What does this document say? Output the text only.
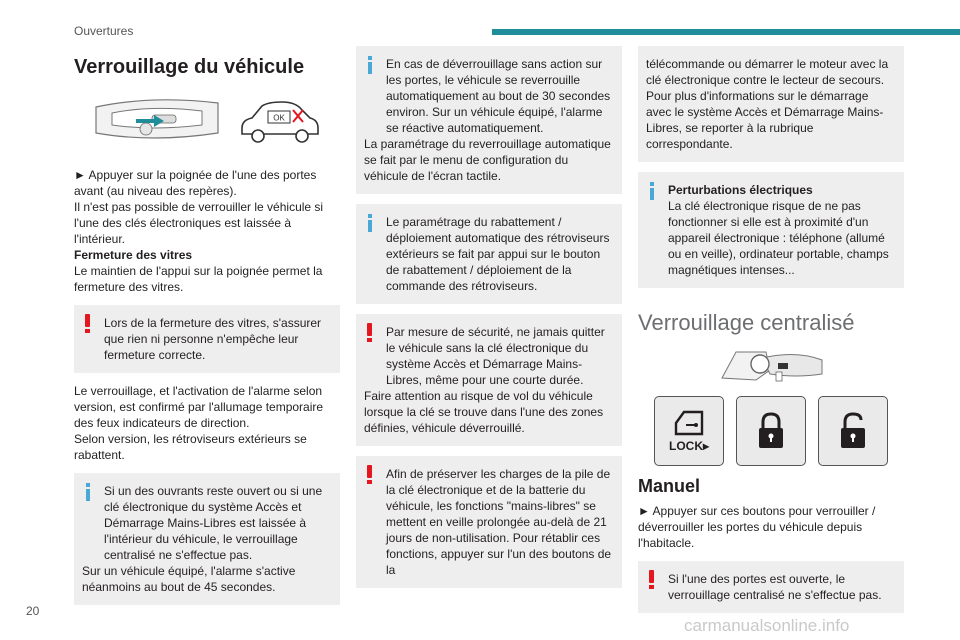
Ouvertures
Verrouillage du véhicule
OK

► Appuyer sur la poignée de l'une des portes avant (au niveau des repères).

Il n'est pas possible de verrouiller le véhicule si l'une des clés électroniques est laissée à l'intérieur.

Fermeture des vitres

Le maintien de l'appui sur la poignée permet la fermeture des vitres.

Lors de la fermeture des vitres, s'assurer que rien ni personne n'empêche leur fermeture correcte.

Le verrouillage, et l'activation de l'alarme selon version, est confirmé par l'allumage temporaire des feux indicateurs de direction.

Selon version, les rétroviseurs extérieurs se rabattent.

Si un des ouvrants reste ouvert ou si une clé électronique du système Accès et Démarrage Mains-Libres est laissée à l'intérieur du véhicule, le verrouillage centralisé ne s'effectue pas.

Sur un véhicule équipé, l'alarme s'active néanmoins au bout de 45 secondes.

En cas de déverrouillage sans action sur les portes, le véhicule se reverrouille automatiquement au bout de 30 secondes environ. Sur un véhicule équipé, l'alarme se réactive automatiquement.

La paramétrage du reverrouillage automatique se fait par le menu de configuration du véhicule de l'écran tactile.

Le paramétrage du rabattement / déploiement automatique des rétroviseurs extérieurs se fait par appui sur le bouton de rabattement / déploiement de la commande des rétroviseurs.

Par mesure de sécurité, ne jamais quitter le véhicule sans la clé électronique du système Accès et Démarrage Mains-Libres, même pour une courte durée.

Faire attention au risque de vol du véhicule lorsque la clé se trouve dans l'une des zones définies, véhicule déverrouillé.

Afin de préserver les charges de la pile de la clé électronique et de la batterie du véhicule, les fonctions "mains-libres" se mettent en veille prolongée au-delà de 21 jours de non-utilisation. Pour rétablir ces fonctions, appuyer sur l'un des boutons de la

télécommande ou démarrer le moteur avec la clé électronique contre le lecteur de secours. Pour plus d'informations sur le démarrage avec le système Accès et Démarrage Mains-Libres, se reporter à la rubrique correspondante.

Perturbations électriques

La clé électronique risque de ne pas fonctionner si elle est à proximité d'un appareil électronique : téléphone (allumé ou en veille), ordinateur portable, champs magnétiques intenses...

Verrouillage centralisé
LOCK▸
Manuel

► Appuyer sur ces boutons pour verrouiller / déverrouiller les portes du véhicule depuis l'habitacle.

Si l'une des portes est ouverte, le verrouillage centralisé ne s'effectue pas.

20
carmanualsonline.info
